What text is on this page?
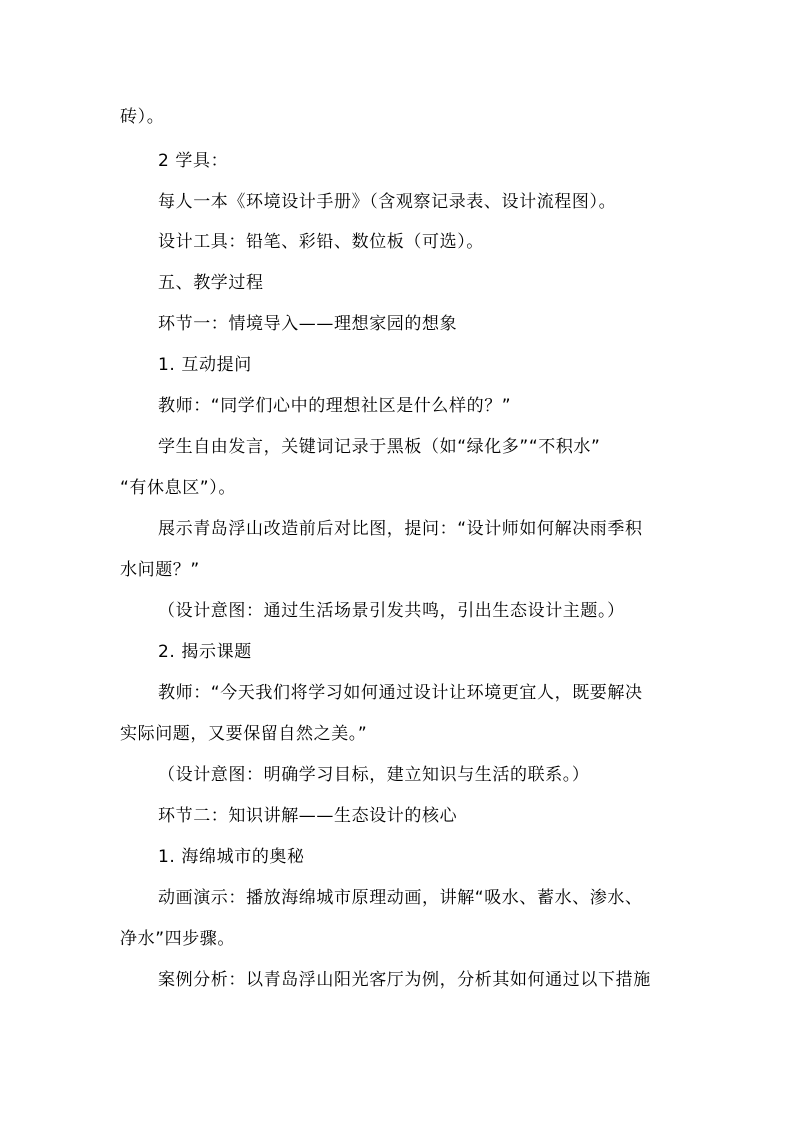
砖）。
2 学具：
每人一本《环境设计手册》（含观察记录表、设计流程图）。
设计工具：铅笔、彩铅、数位板（可选）。
五、教学过程
环节一：情境导入——理想家园的想象
1. 互动提问
教师：“同学们心中的理想社区是什么样的？”
学生自由发言，关键词记录于黑板（如“绿化多”“不积水”
“有休息区”）。
展示青岛浮山改造前后对比图，提问：“设计师如何解决雨季积
水问题？”
（设计意图：通过生活场景引发共鸣，引出生态设计主题。）
2. 揭示课题
教师：“今天我们将学习如何通过设计让环境更宜人，既要解决
实际问题，又要保留自然之美。”
（设计意图：明确学习目标，建立知识与生活的联系。）
环节二：知识讲解——生态设计的核心
1. 海绵城市的奥秘
动画演示：播放海绵城市原理动画，讲解“吸水、蓄水、渗水、
净水”四步骤。
案例分析：以青岛浮山阳光客厅为例，分析其如何通过以下措施
